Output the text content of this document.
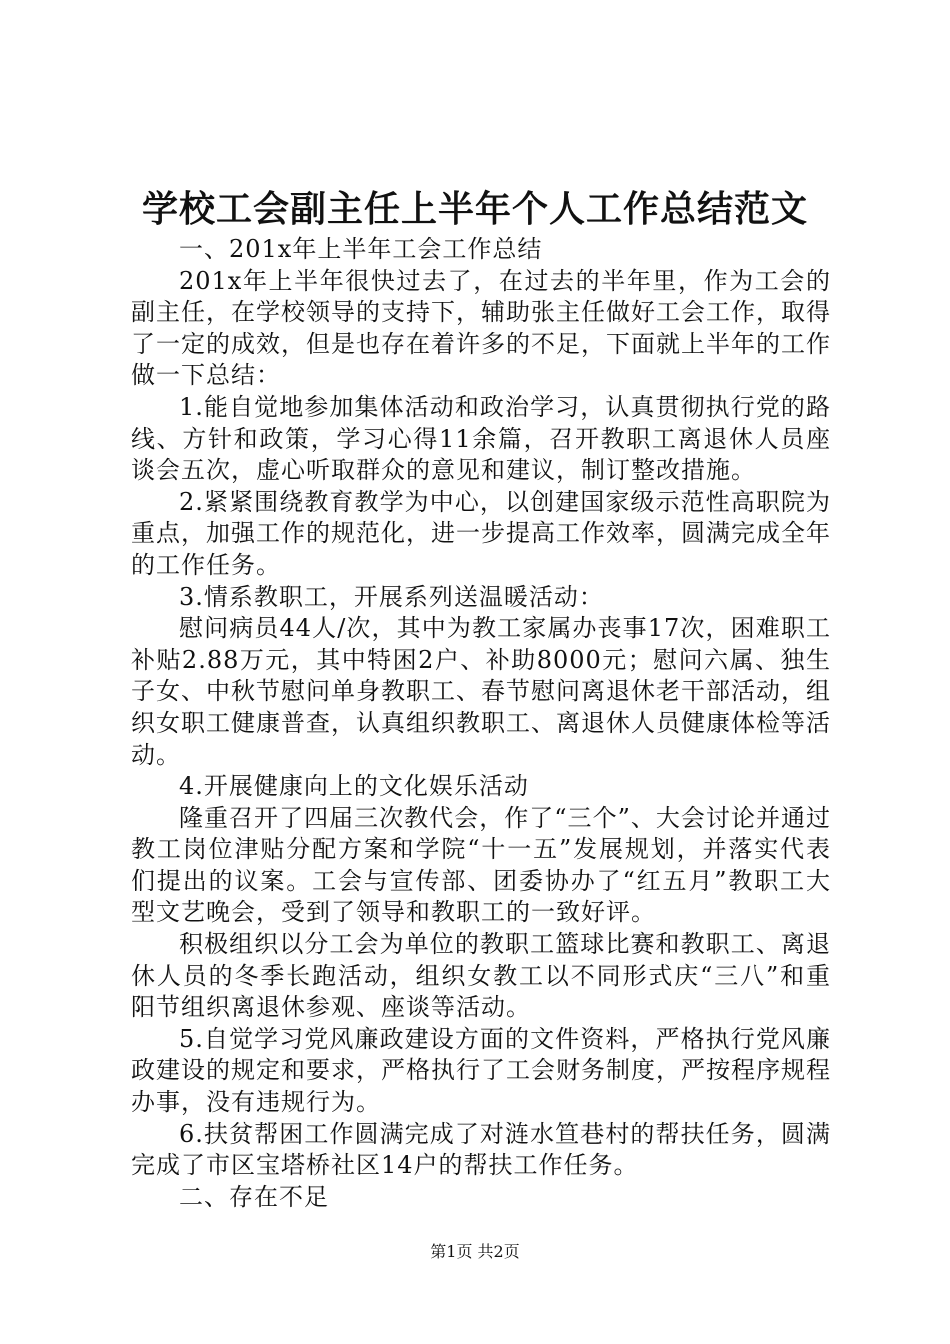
学校工会副主任上半年个人工作总结范文

一、201x年上半年工会工作总结

201x年上半年很快过去了，在过去的半年里，作为工会的副主任，在学校领导的支持下，辅助张主任做好工会工作，取得了一定的成效，但是也存在着许多的不足，下面就上半年的工作做一下总结：

1.能自觉地参加集体活动和政治学习，认真贯彻执行党的路线、方针和政策，学习心得11余篇，召开教职工离退休人员座谈会五次，虚心听取群众的意见和建议，制订整改措施。

2.紧紧围绕教育教学为中心，以创建国家级示范性高职院为重点，加强工作的规范化，进一步提高工作效率，圆满完成全年的工作任务。

3.情系教职工，开展系列送温暖活动：

慰问病员44人/次，其中为教工家属办丧事17次，困难职工补贴2.88万元，其中特困2户、补助8000元；慰问六属、独生子女、中秋节慰问单身教职工、春节慰问离退休老干部活动，组织女职工健康普查，认真组织教职工、离退休人员健康体检等活动。

4.开展健康向上的文化娱乐活动

隆重召开了四届三次教代会，作了“三个”、大会讨论并通过教工岗位津贴分配方案和学院“十一五”发展规划，并落实代表们提出的议案。工会与宣传部、团委协办了“红五月”教职工大型文艺晚会，受到了领导和教职工的一致好评。

积极组织以分工会为单位的教职工篮球比赛和教职工、离退休人员的冬季长跑活动，组织女教工以不同形式庆“三八”和重阳节组织离退休参观、座谈等活动。

5.自觉学习党风廉政建设方面的文件资料，严格执行党风廉政建设的规定和要求，严格执行了工会财务制度，严按程序规程办事，没有违规行为。

6.扶贫帮困工作圆满完成了对涟水笪巷村的帮扶任务，圆满完成了市区宝塔桥社区14户的帮扶工作任务。

二、存在不足

第1页 共2页
